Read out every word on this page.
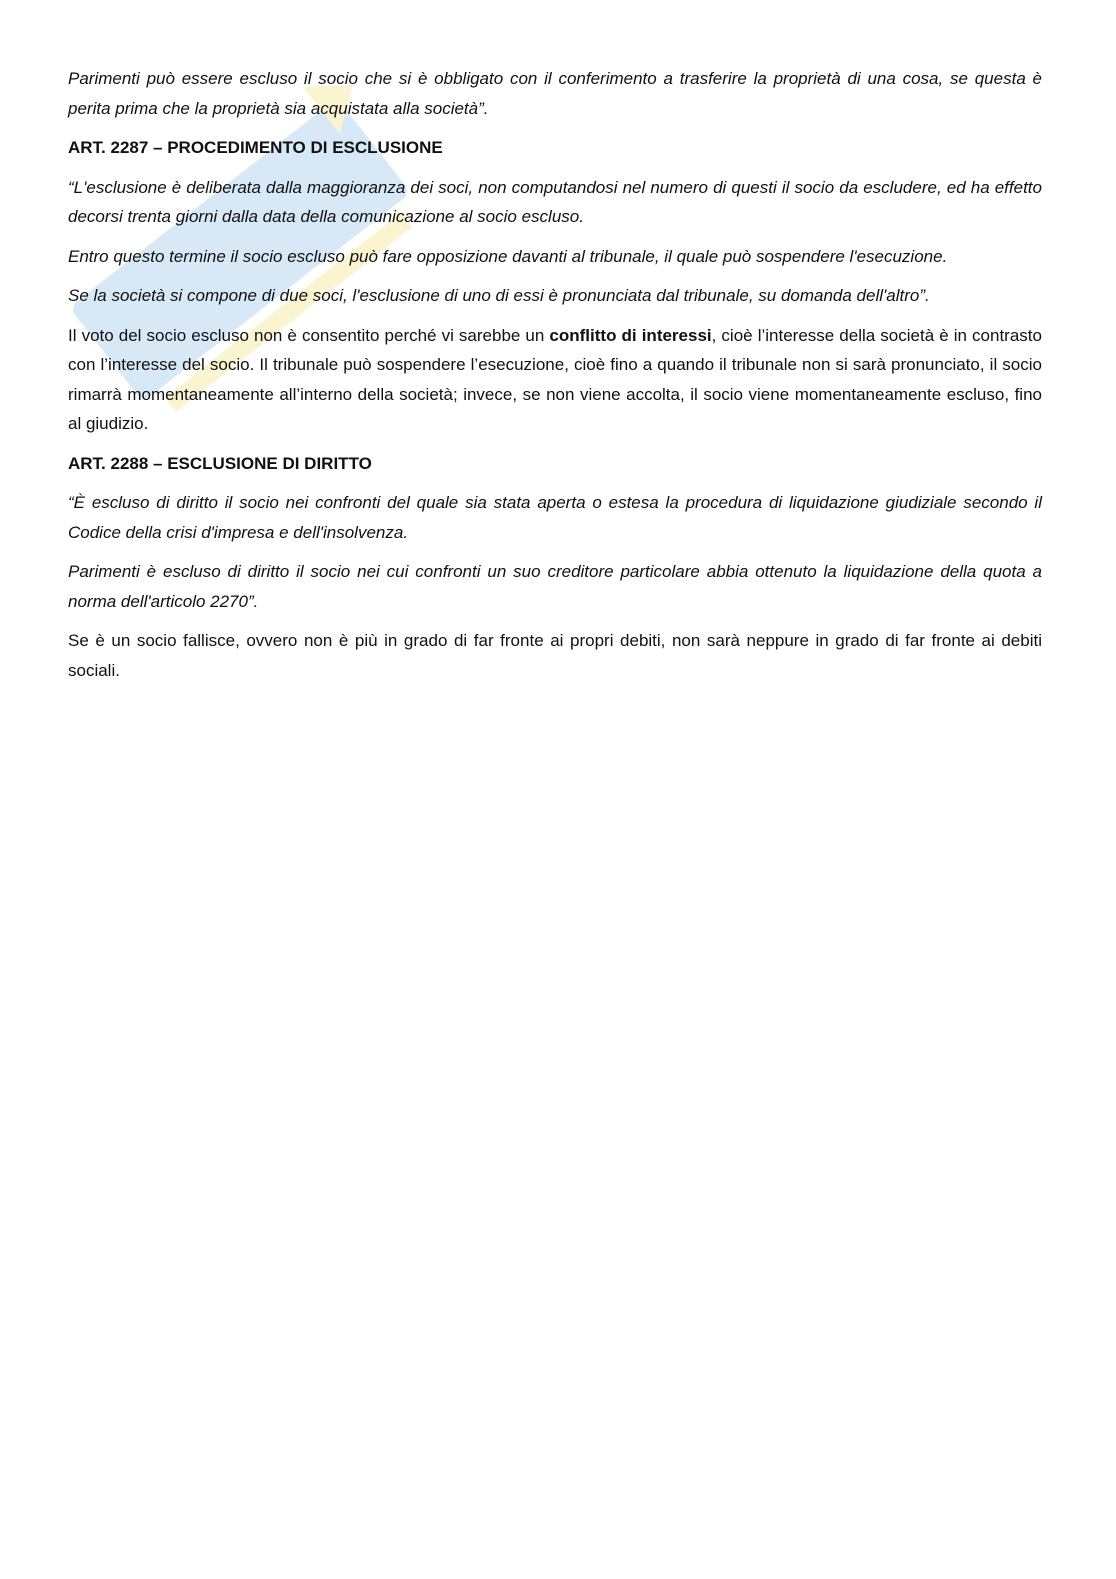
Parimenti può essere escluso il socio che si è obbligato con il conferimento a trasferire la proprietà di una cosa, se questa è perita prima che la proprietà sia acquistata alla società”.

ART. 2287 – PROCEDIMENTO DI ESCLUSIONE

“L'esclusione è deliberata dalla maggioranza dei soci, non computandosi nel numero di questi il socio da escludere, ed ha effetto decorsi trenta giorni dalla data della comunicazione al socio escluso.

Entro questo termine il socio escluso può fare opposizione davanti al tribunale, il quale può sospendere l'esecuzione.

Se la società si compone di due soci, l'esclusione di uno di essi è pronunciata dal tribunale, su domanda dell'altro”.

Il voto del socio escluso non è consentito perché vi sarebbe un conflitto di interessi, cioè l’interesse della società è in contrasto con l’interesse del socio. Il tribunale può sospendere l’esecuzione, cioè fino a quando il tribunale non si sarà pronunciato, il socio rimarrà momentaneamente all’interno della società; invece, se non viene accolta, il socio viene momentaneamente escluso, fino al giudizio.

ART. 2288 – ESCLUSIONE DI DIRITTO

“È escluso di diritto il socio nei confronti del quale sia stata aperta o estesa la procedura di liquidazione giudiziale secondo il Codice della crisi d'impresa e dell'insolvenza.

Parimenti è escluso di diritto il socio nei cui confronti un suo creditore particolare abbia ottenuto la liquidazione della quota a norma dell'articolo 2270”.

Se è un socio fallisce, ovvero non è più in grado di far fronte ai propri debiti, non sarà neppure in grado di far fronte ai debiti sociali.
